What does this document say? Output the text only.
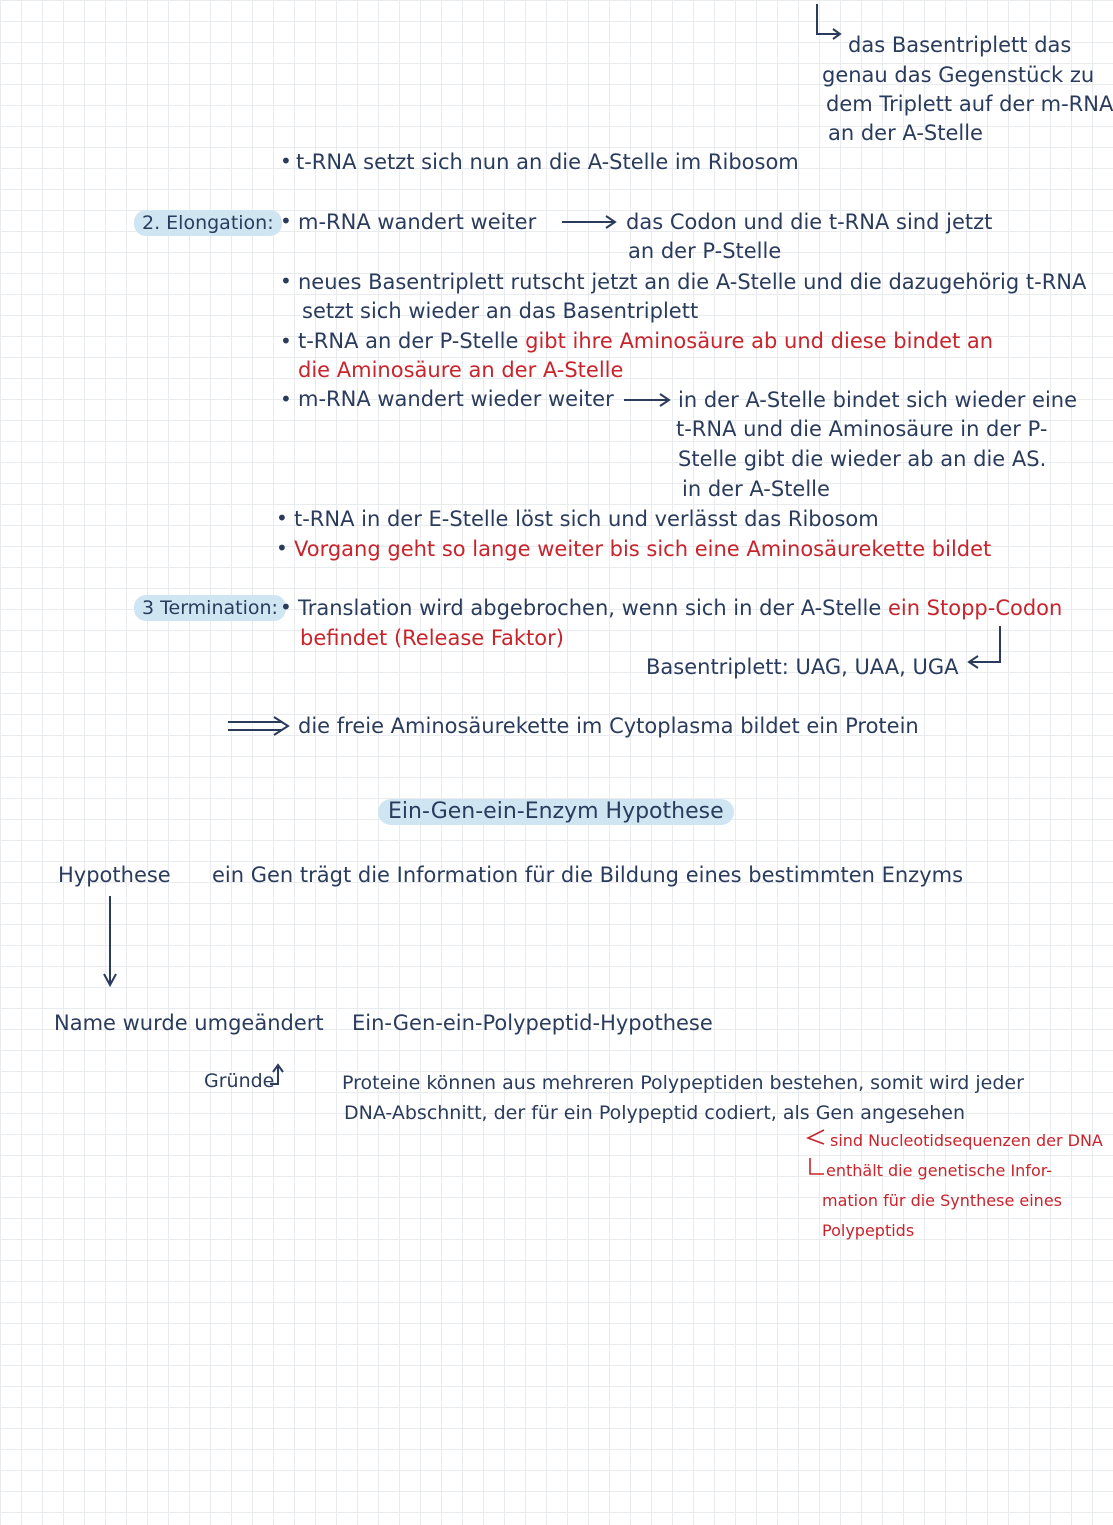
das Basentriplett das
genau das Gegenstück zu
dem Triplett auf der m-RNA
an der A-Stelle
• t-RNA setzt sich nun an die A-Stelle im Ribosom
2. Elongation: • m-RNA wandert weiter	das Codon und die t-RNA sind jetzt
an der P-Stelle
• neues Basentriplett rutscht jetzt an die A-Stelle und die dazugehörig t-RNA
setzt sich wieder an das Basentriplett
• t-RNA an der P-Stelle gibt ihre Aminosäure ab und diese bindet an
die Aminosäure an der A-Stelle
• m-RNA wandert wieder weiter	in der A-Stelle bindet sich wieder eine
t-RNA und die Aminosäure in der P-
Stelle gibt die wieder ab an die AS.
in der A-Stelle
• t-RNA in der E-Stelle löst sich und verlässt das Ribosom
• Vorgang geht so lange weiter bis sich eine Aminosäurekette bildet
3 Termination: • Translation wird abgebrochen, wenn sich in der A-Stelle ein Stopp-Codon
befindet (Release Faktor)
Basentriplett: UAG, UAA, UGA
die freie Aminosäurekette im Cytoplasma bildet ein Protein
Ein-Gen-ein-Enzym Hypothese
Hypothese ein Gen trägt die Information für die Bildung eines bestimmten Enzyms
Name wurde umgeändert Ein-Gen-ein-Polypeptid-Hypothese
Gründe	Proteine können aus mehreren Polypeptiden bestehen, somit wird jeder
DNA-Abschnitt, der für ein Polypeptid codiert, als Gen angesehen
sind Nucleotidsequenzen der DNA
enthält die genetische Infor-
mation für die Synthese eines
Polypeptids
